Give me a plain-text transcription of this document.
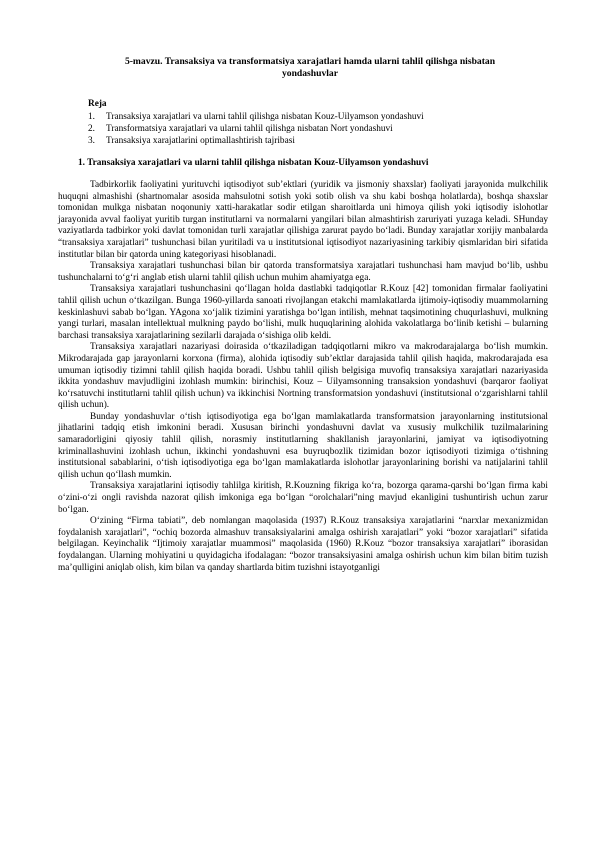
5-mavzu. Transaksiya va transformatsiya xarajatlari hamda ularni tahlil qilishga nisbatan yondashuvlar
Reja
1. Transaksiya xarajatlari va ularni tahlil qilishga nisbatan Kouz-Uilyamson yondashuvi
2. Transformatsiya xarajatlari va ularni tahlil qilishga nisbatan Nort yondashuvi
3. Transaksiya xarajatlarini optimallashtirish tajribasi
1. Transaksiya xarajatlari va ularni tahlil qilishga nisbatan Kouz-Uilyamson yondashuvi

Tadbirkorlik faoliyatini yurituvchi iqtisodiyot sub’ektlari (yuridik va jismoniy shaxslar) faoliyati jarayonida mulkchilik huquqni almashishi (shartnomalar asosida mahsulotni sotish yoki sotib olish va shu kabi boshqa holatlarda), boshqa shaxslar tomonidan mulkga nisbatan noqonuniy xatti-harakatlar sodir etilgan sharoitlarda uni himoya qilish yoki iqtisodiy islohotlar jarayonida avval faoliyat yuritib turgan institutlarni va normalarni yangilari bilan almashtirish zaruriyati yuzaga keladi. SHunday vaziyatlarda tadbirkor yoki davlat tomonidan turli xarajatlar qilishiga zarurat paydo bo‘ladi. Bunday xarajatlar xorijiy manbalarda “transaksiya xarajatlari” tushunchasi bilan yuritiladi va u institutsional iqtisodiyot nazariyasining tarkibiy qismlaridan biri sifatida institutlar bilan bir qatorda uning kategoriyasi hisoblanadi.

Transaksiya xarajatlari tushunchasi bilan bir qatorda transformatsiya xarajatlari tushunchasi ham mavjud bo‘lib, ushbu tushunchalarni to‘g‘ri anglab etish ularni tahlil qilish uchun muhim ahamiyatga ega.

Transaksiya xarajatlari tushunchasini qo‘llagan holda dastlabki tadqiqotlar R.Kouz [42] tomonidan firmalar faoliyatini tahlil qilish uchun o‘tkazilgan. Bunga 1960-yillarda sanoati rivojlangan etakchi mamlakatlarda ijtimoiy-iqtisodiy muammolarning keskinlashuvi sabab bo‘lgan. YAgona xo‘jalik tizimini yaratishga bo‘lgan intilish, mehnat taqsimotining chuqurlashuvi, mulkning yangi turlari, masalan intellektual mulkning paydo bo‘lishi, mulk huquqlarining alohida vakolatlarga bo‘linib ketishi – bularning barchasi transaksiya xarajatlarining sezilarli darajada o‘sishiga olib keldi.

Transaksiya xarajatlari nazariyasi doirasida o‘tkaziladigan tadqiqotlarni mikro va makrodarajalarga bo‘lish mumkin. Mikrodarajada gap jarayonlarni korxona (firma), alohida iqtisodiy sub’ektlar darajasida tahlil qilish haqida, makrodarajada esa umuman iqtisodiy tizimni tahlil qilish haqida boradi. Ushbu tahlil qilish belgisiga muvofiq transaksiya xarajatlari nazariyasida ikkita yondashuv mavjudligini izohlash mumkin: birinchisi, Kouz – Uilyamsonning transaksion yondashuvi (barqaror faoliyat ko‘rsatuvchi institutlarni tahlil qilish uchun) va ikkinchisi Nortning transformatsion yondashuvi (institutsional o‘zgarishlarni tahlil qilish uchun).

Bunday yondashuvlar o‘tish iqtisodiyotiga ega bo‘lgan mamlakatlarda transformatsion jarayonlarning institutsional jihatlarini tadqiq etish imkonini beradi. Xususan birinchi yondashuvni davlat va xususiy mulkchilik tuzilmalarining samaradorligini qiyosiy tahlil qilish, norasmiy institutlarning shakllanish jarayonlarini, jamiyat va iqtisodiyotning kriminallashuvini izohlash uchun, ikkinchi yondashuvni esa buyruqbozlik tizimidan bozor iqtisodiyoti tizimiga o‘tishning institutsional sabablarini, o‘tish iqtisodiyotiga ega bo‘lgan mamlakatlarda islohotlar jarayonlarining borishi va natijalarini tahlil qilish uchun qo‘llash mumkin.

Transaksiya xarajatlarini iqtisodiy tahlilga kiritish, R.Kouzning fikriga ko‘ra, bozorga qarama-qarshi bo‘lgan firma kabi o‘zini-o‘zi ongli ravishda nazorat qilish imkoniga ega bo‘lgan “orolchalari”ning mavjud ekanligini tushuntirish uchun zarur bo‘lgan.

O‘zining “Firma tabiati”, deb nomlangan maqolasida (1937) R.Kouz transaksiya xarajatlarini “narxlar mexanizmidan foydalanish xarajatlari”, “ochiq bozorda almashuv transaksiyalarini amalga oshirish xarajatlari” yoki “bozor xarajatlari” sifatida belgilagan. Keyinchalik “Ijtimoiy xarajatlar muammosi” maqolasida (1960) R.Kouz “bozor transaksiya xarajatlari” iborasidan foydalangan. Ularning mohiyatini u quyidagicha ifodalagan: “bozor transaksiyasini amalga oshirish uchun kim bilan bitim tuzish ma’qulligini aniqlab olish, kim bilan va qanday shartlarda bitim tuzishni istayotganligi
